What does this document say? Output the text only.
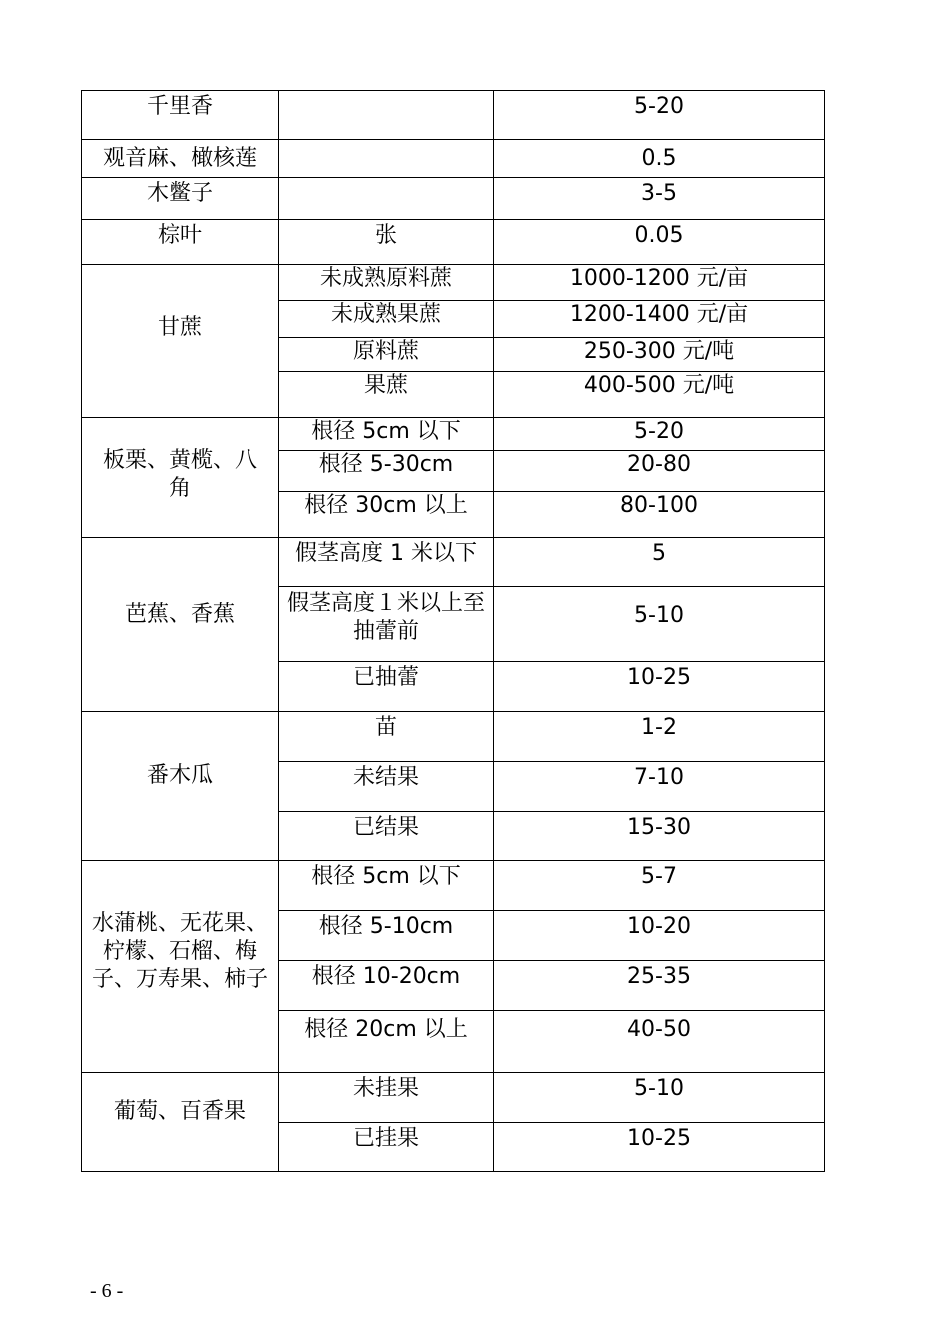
千里香		5-20
观音麻、橄核莲		0.5
木鳖子		3-5
棕叶	张	0.05
甘蔗	未成熟原料蔗	1000-1200 元/亩
	未成熟果蔗	1200-1400 元/亩
	原料蔗	250-300 元/吨
	果蔗	400-500 元/吨

板栗、黄榄、八角	根径 5cm 以下	5-20
	根径 5-30cm	20-80
	根径 30cm 以上	80-100
芭蕉、香蕉	假茎高度 1 米以下	5
	假茎高度１米以上至抽蕾前	5-10
	已抽蕾	10-25
番木瓜	苗	1-2
	未结果	7-10
	已结果	15-30

水蒲桃、无花果、柠檬、石榴、梅子、万寿果、柿子	根径 5cm 以下	5-7
	根径 5-10cm	10-20
	根径 10-20cm	25-35
	根径 20cm 以上	40-50
葡萄、百香果	未挂果	5-10
	已挂果	10-25
- 6 -
